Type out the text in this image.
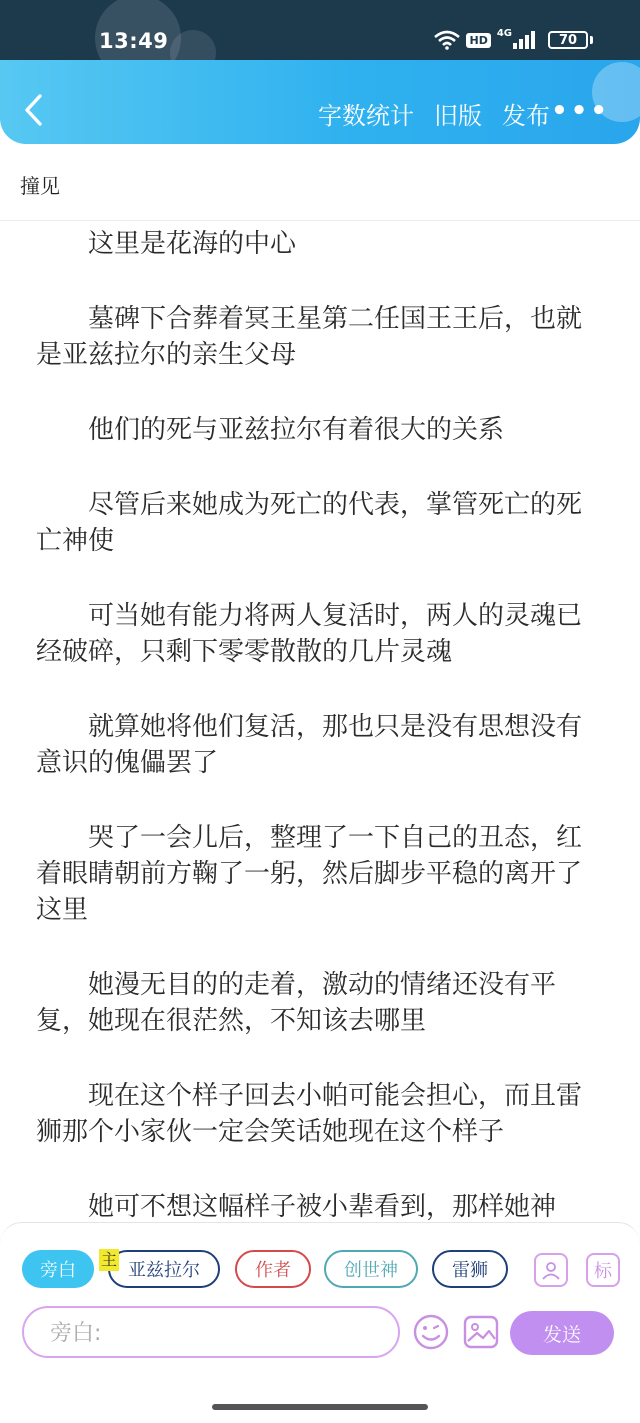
13:49	HD
4G	70
字数统计 旧版 发布 •••
撞见

这里是花海的中心

墓碑下合葬着冥王星第二任国王王后，也就是亚兹拉尔的亲生父母

他们的死与亚兹拉尔有着很大的关系

尽管后来她成为死亡的代表，掌管死亡的死亡神使

可当她有能力将两人复活时，两人的灵魂已经破碎，只剩下零零散散的几片灵魂

就算她将他们复活，那也只是没有思想没有意识的傀儡罢了

哭了一会儿后，整理了一下自己的丑态，红着眼睛朝前方鞠了一躬，然后脚步平稳的离开了这里

她漫无目的的走着，激动的情绪还没有平复，她现在很茫然，不知该去哪里

现在这个样子回去小帕可能会担心，而且雷狮那个小家伙一定会笑话她现在这个样子

她可不想这幅样子被小辈看到，那样她神

旁白	亚兹拉尔	作者	创世神	雷狮
主
标
旁白:
发送
